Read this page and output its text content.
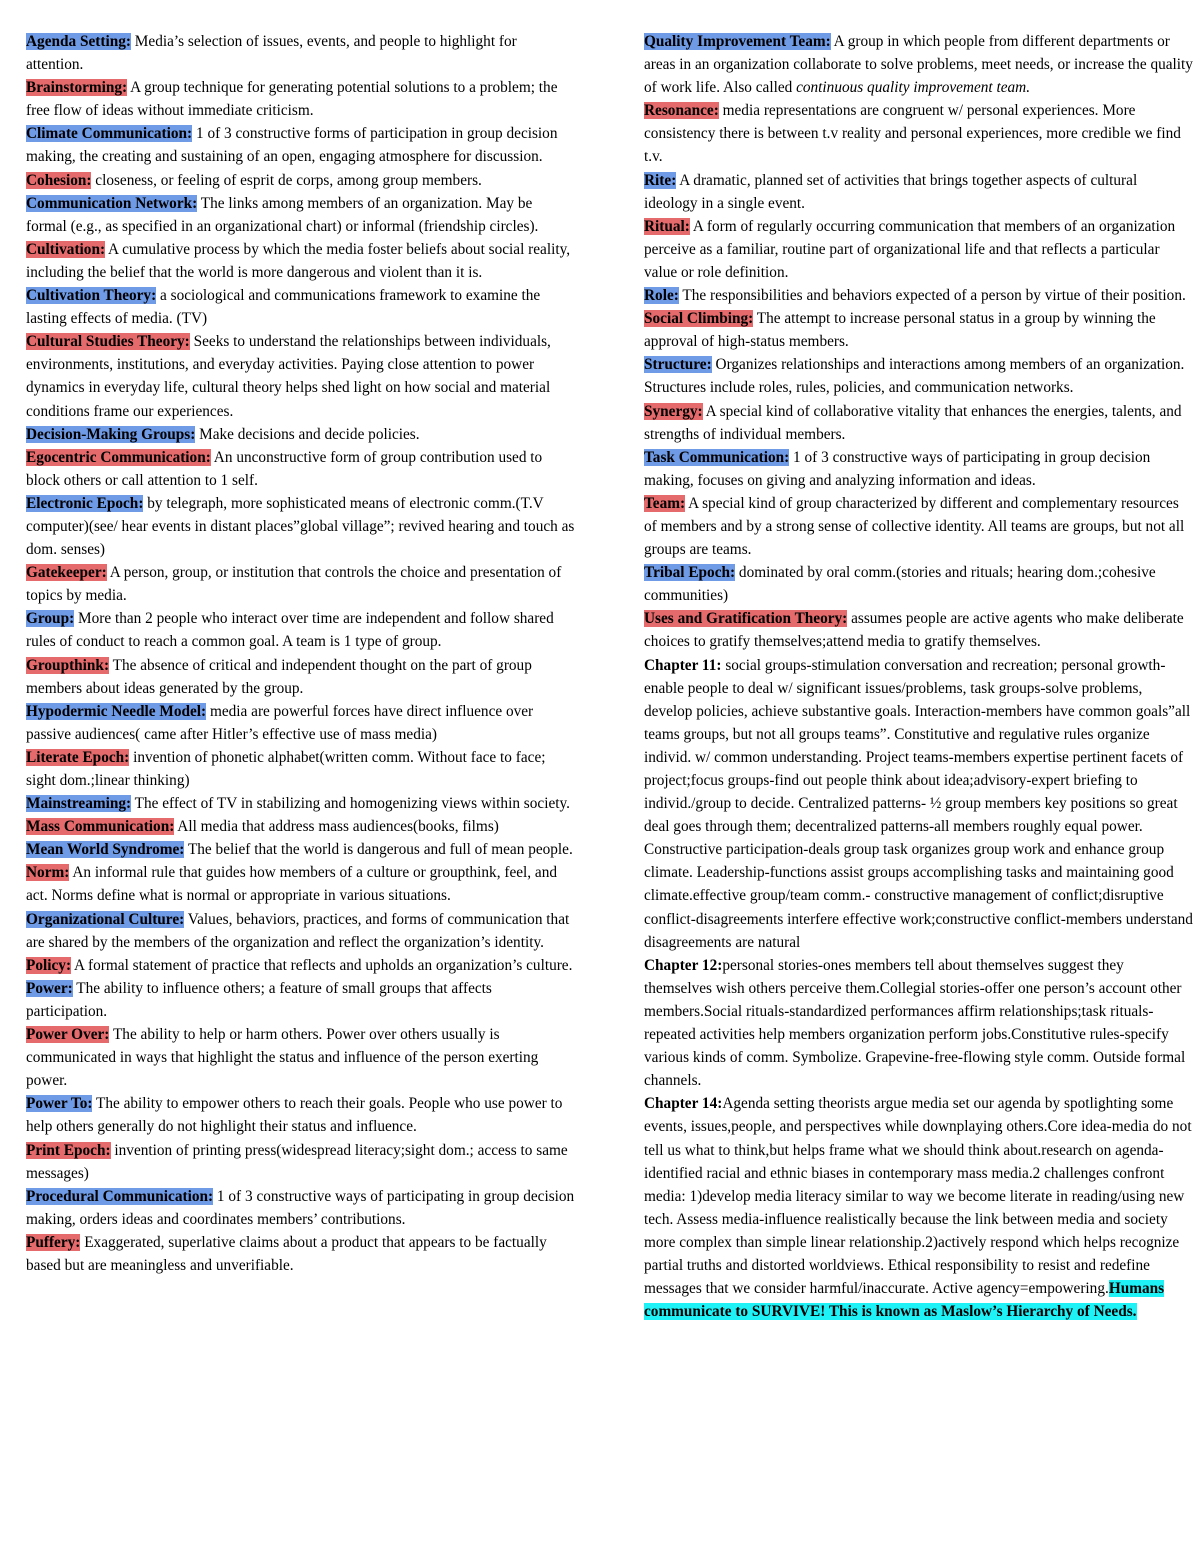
Agenda Setting: Media’s selection of issues, events, and people to highlight for attention.

Brainstorming: A group technique for generating potential solutions to a problem; the free flow of ideas without immediate criticism.

Climate Communication: 1 of 3 constructive forms of participation in group decision making, the creating and sustaining of an open, engaging atmosphere for discussion.

Cohesion: closeness, or feeling of esprit de corps, among group members.

Communication Network: The links among members of an organization. May be formal (e.g., as specified in an organizational chart) or informal (friendship circles).

Cultivation: A cumulative process by which the media foster beliefs about social reality, including the belief that the world is more dangerous and violent than it is.

Cultivation Theory: a sociological and communications framework to examine the lasting effects of media. (TV)

Cultural Studies Theory: Seeks to understand the relationships between individuals, environments, institutions, and everyday activities. Paying close attention to power dynamics in everyday life, cultural theory helps shed light on how social and material conditions frame our experiences.

Decision-Making Groups: Make decisions and decide policies.

Egocentric Communication: An unconstructive form of group contribution used to block others or call attention to 1 self.

Electronic Epoch: by telegraph, more sophisticated means of electronic comm.(T.V computer)(see/ hear events in distant places”global village”; revived hearing and touch as dom. senses)

Gatekeeper: A person, group, or institution that controls the choice and presentation of topics by media.

Group: More than 2 people who interact over time are independent and follow shared rules of conduct to reach a common goal. A team is 1 type of group.

Groupthink: The absence of critical and independent thought on the part of group members about ideas generated by the group.

Hypodermic Needle Model: media are powerful forces have direct influence over passive audiences( came after Hitler’s effective use of mass media)

Literate Epoch: invention of phonetic alphabet(written comm. Without face to face; sight dom.;linear thinking)

Mainstreaming: The effect of TV in stabilizing and homogenizing views within society.

Mass Communication: All media that address mass audiences(books, films)

Mean World Syndrome: The belief that the world is dangerous and full of mean people.

Norm: An informal rule that guides how members of a culture or groupthink, feel, and act. Norms define what is normal or appropriate in various situations.

Organizational Culture: Values, behaviors, practices, and forms of communication that are shared by the members of the organization and reflect the organization’s identity.

Policy: A formal statement of practice that reflects and upholds an organization’s culture.

Power: The ability to influence others; a feature of small groups that affects participation.

Power Over: The ability to help or harm others. Power over others usually is communicated in ways that highlight the status and influence of the person exerting power.

Power To: The ability to empower others to reach their goals. People who use power to help others generally do not highlight their status and influence.

Print Epoch: invention of printing press(widespread literacy;sight dom.; access to same messages)

Procedural Communication: 1 of 3 constructive ways of participating in group decision making, orders ideas and coordinates members’ contributions.

Puffery: Exaggerated, superlative claims about a product that appears to be factually based but are meaningless and unverifiable.

Quality Improvement Team: A group in which people from different departments or areas in an organization collaborate to solve problems, meet needs, or increase the quality of work life. Also called continuous quality improvement team.

Resonance: media representations are congruent w/ personal experiences. More consistency there is between t.v reality and personal experiences, more credible we find t.v.

Rite: A dramatic, planned set of activities that brings together aspects of cultural ideology in a single event.

Ritual: A form of regularly occurring communication that members of an organization perceive as a familiar, routine part of organizational life and that reflects a particular value or role definition.

Role: The responsibilities and behaviors expected of a person by virtue of their position.

Social Climbing: The attempt to increase personal status in a group by winning the approval of high-status members.

Structure: Organizes relationships and interactions among members of an organization. Structures include roles, rules, policies, and communication networks.

Synergy: A special kind of collaborative vitality that enhances the energies, talents, and strengths of individual members.

Task Communication: 1 of 3 constructive ways of participating in group decision making, focuses on giving and analyzing information and ideas.

Team: A special kind of group characterized by different and complementary resources of members and by a strong sense of collective identity. All teams are groups, but not all groups are teams.

Tribal Epoch: dominated by oral comm.(stories and rituals; hearing dom.;cohesive communities)

Uses and Gratification Theory: assumes people are active agents who make deliberate choices to gratify themselves;attend media to gratify themselves.

Chapter 11: social groups-stimulation conversation and recreation; personal growth-enable people to deal w/ significant issues/problems, task groups-solve problems, develop policies, achieve substantive goals. Interaction-members have common goals”all teams groups, but not all groups teams”. Constitutive and regulative rules organize individ. w/ common understanding. Project teams-members expertise pertinent facets of project;focus groups-find out people think about idea;advisory-expert briefing to individ./group to decide. Centralized patterns- ½ group members key positions so great deal goes through them; decentralized patterns-all members roughly equal power. Constructive participation-deals group task organizes group work and enhance group climate. Leadership-functions assist groups accomplishing tasks and maintaining good climate.effective group/team comm.- constructive management of conflict;disruptive conflict-disagreements interfere effective work;constructive conflict-members understand disagreements are natural

Chapter 12:personal stories-ones members tell about themselves suggest they themselves wish others perceive them.Collegial stories-offer one person’s account other members.Social rituals-standardized performances affirm relationships;task rituals-repeated activities help members organization perform jobs.Constitutive rules-specify various kinds of comm. Symbolize. Grapevine-free-flowing style comm. Outside formal channels.

Chapter 14:Agenda setting theorists argue media set our agenda by spotlighting some events, issues,people, and perspectives while downplaying others.Core idea-media do not tell us what to think,but helps frame what we should think about.research on agenda-identified racial and ethnic biases in contemporary mass media.2 challenges confront media: 1)develop media literacy similar to way we become literate in reading/using new tech. Assess media-influence realistically because the link between media and society more complex than simple linear relationship.2)actively respond which helps recognize partial truths and distorted worldviews. Ethical responsibility to resist and redefine messages that we consider harmful/inaccurate. Active agency=empowering.Humans communicate to SURVIVE! This is known as Maslow’s Hierarchy of Needs.
